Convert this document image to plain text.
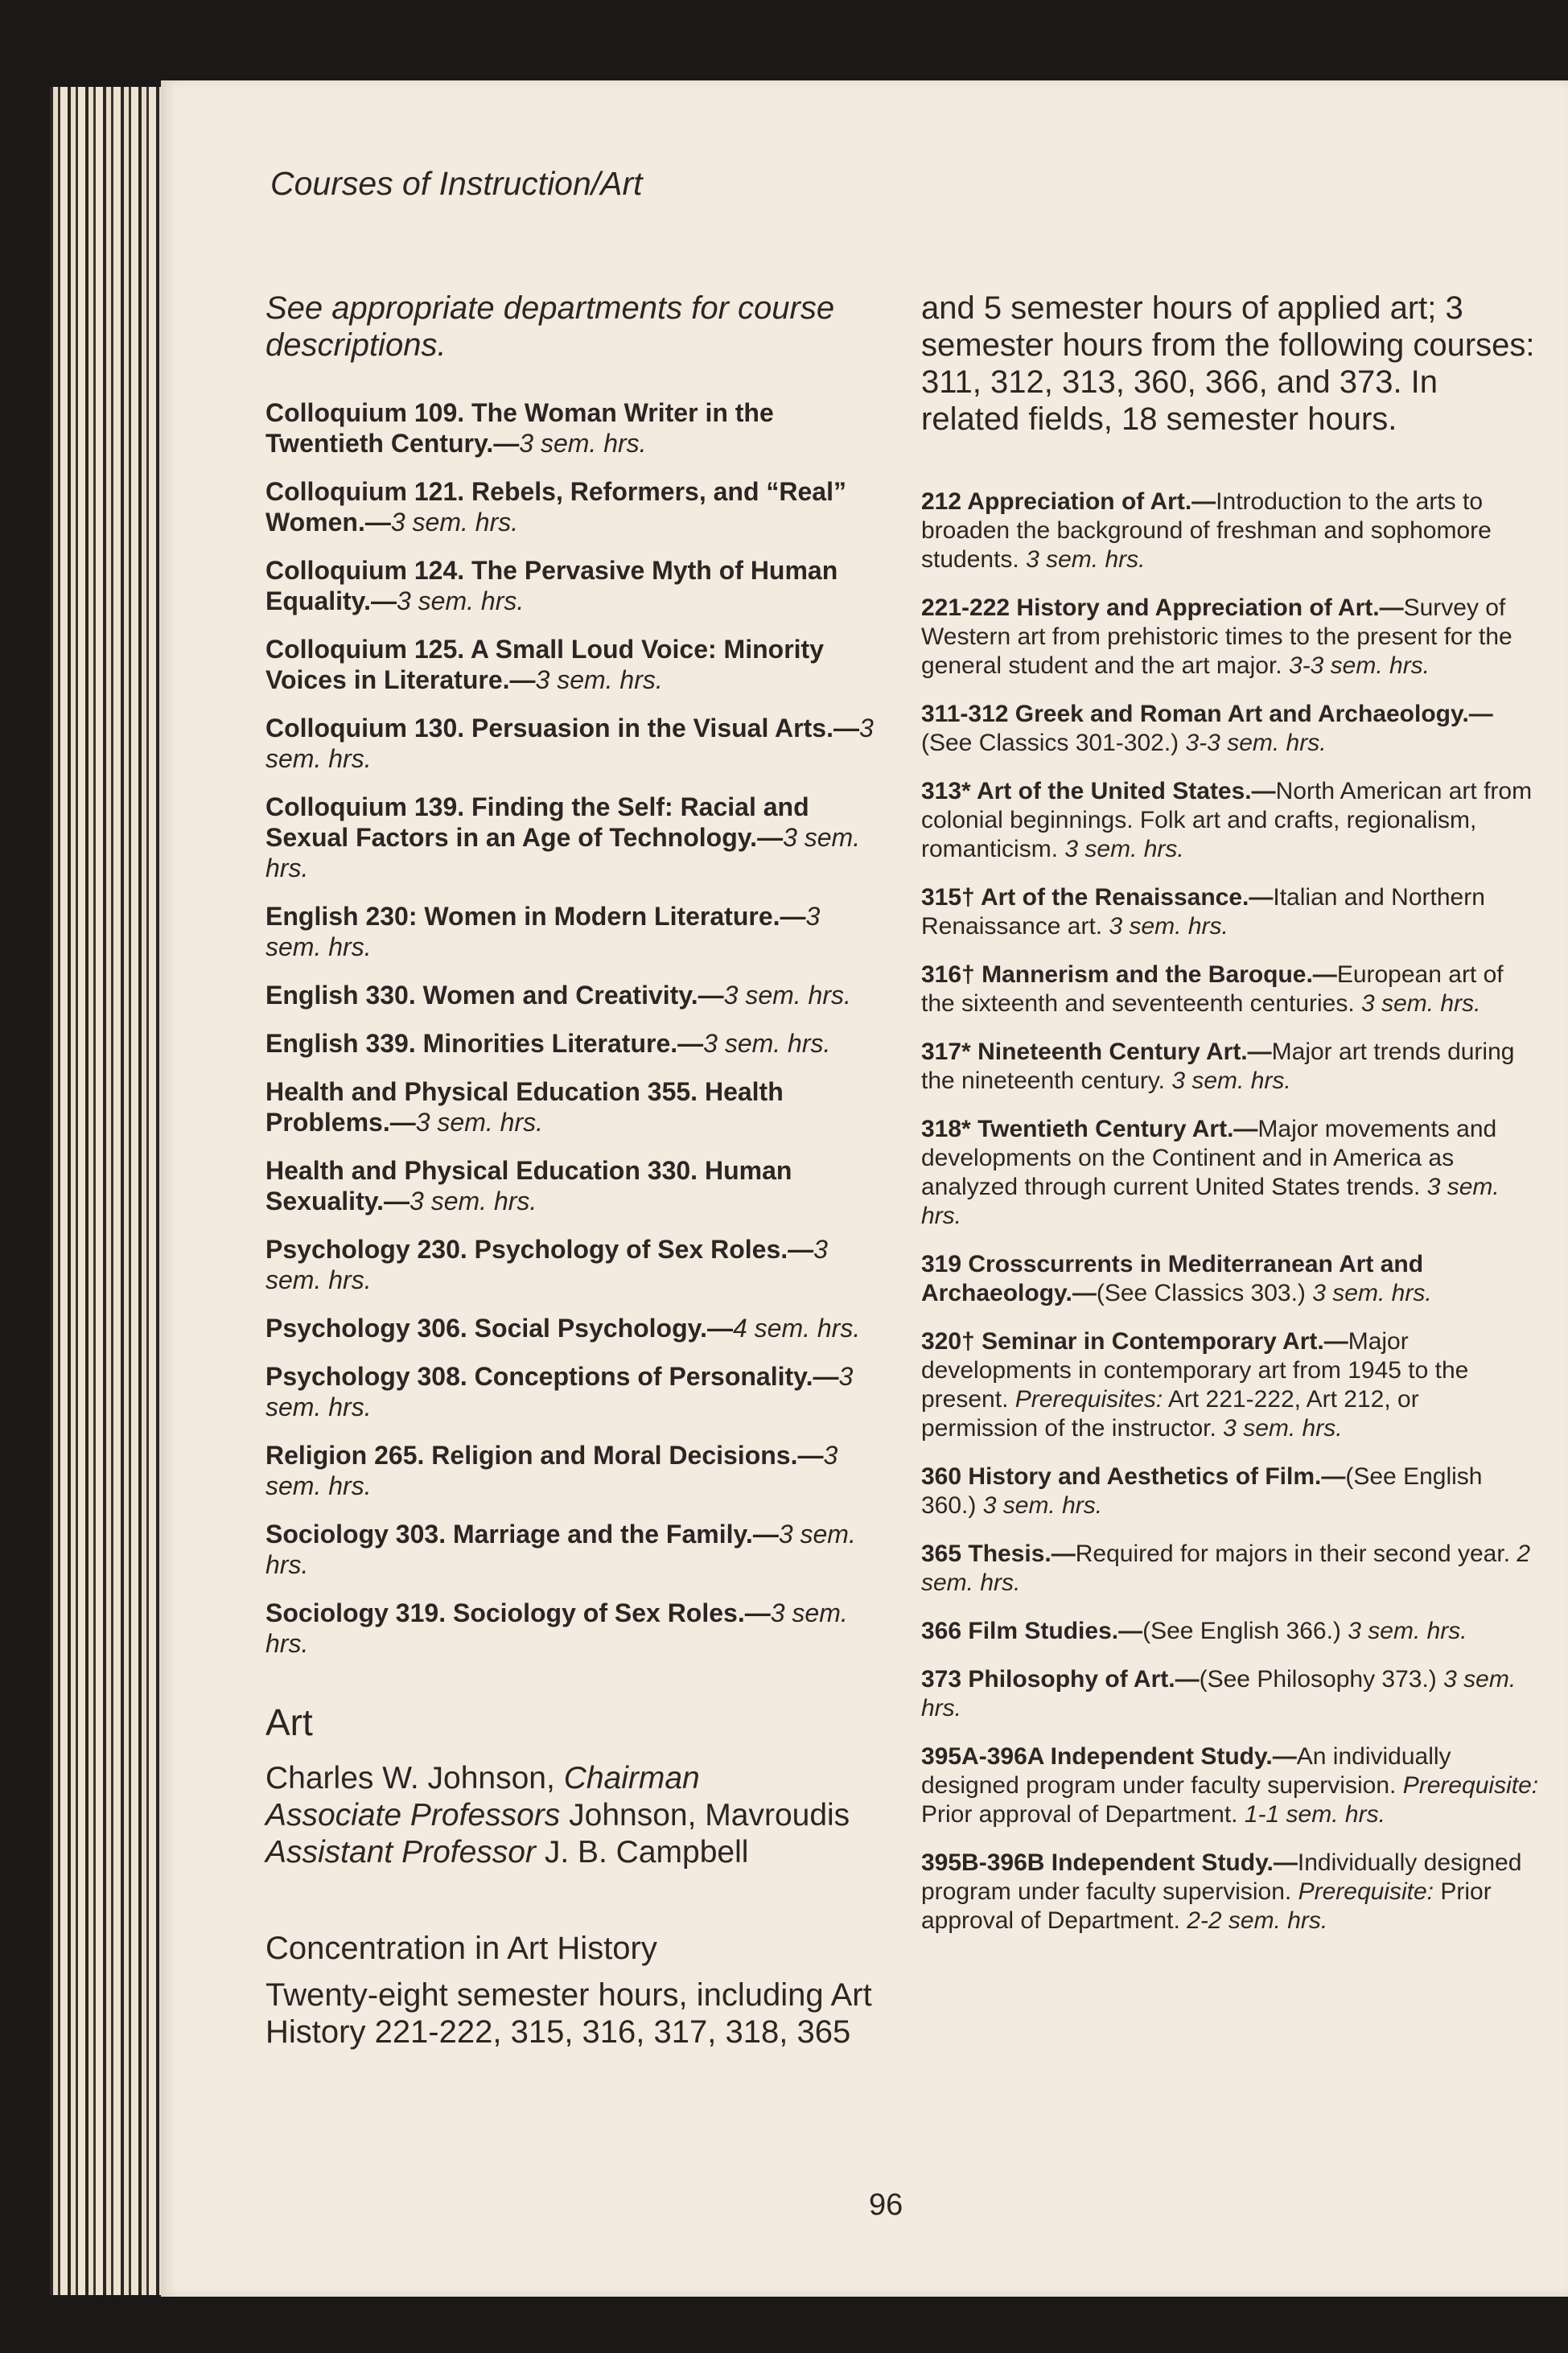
Courses of Instruction/Art

See appropriate departments for course descriptions.

Colloquium 109. The Woman Writer in the Twentieth Century.—3 sem. hrs.

Colloquium 121. Rebels, Reformers, and “Real” Women.—3 sem. hrs.

Colloquium 124. The Pervasive Myth of Human Equality.—3 sem. hrs.

Colloquium 125. A Small Loud Voice: Minority Voices in Literature.—3 sem. hrs.

Colloquium 130. Persuasion in the Visual Arts.—3 sem. hrs.

Colloquium 139. Finding the Self: Racial and Sexual Factors in an Age of Technology.—3 sem. hrs.

English 230: Women in Modern Literature.—3 sem. hrs.

English 330. Women and Creativity.—3 sem. hrs.

English 339. Minorities Literature.—3 sem. hrs.

Health and Physical Education 355. Health Problems.—3 sem. hrs.

Health and Physical Education 330. Human Sexuality.—3 sem. hrs.

Psychology 230. Psychology of Sex Roles.—3 sem. hrs.

Psychology 306. Social Psychology.—4 sem. hrs.

Psychology 308. Conceptions of Personality.—3 sem. hrs.

Religion 265. Religion and Moral Decisions.—3 sem. hrs.

Sociology 303. Marriage and the Family.—3 sem. hrs.

Sociology 319. Sociology of Sex Roles.—3 sem. hrs.

Art
Charles W. Johnson, Chairman
Associate Professors Johnson, Mavroudis
Assistant Professor J. B. Campbell
Concentration in Art History

Twenty-eight semester hours, including Art History 221-222, 315, 316, 317, 318, 365

and 5 semester hours of applied art; 3 semester hours from the following courses: 311, 312, 313, 360, 366, and 373. In related fields, 18 semester hours.

212 Appreciation of Art.—Introduction to the arts to broaden the background of freshman and sophomore students. 3 sem. hrs.

221-222 History and Appreciation of Art.—Survey of Western art from prehistoric times to the present for the general student and the art major. 3-3 sem. hrs.

311-312 Greek and Roman Art and Archaeology.—(See Classics 301-302.) 3-3 sem. hrs.

313* Art of the United States.—North American art from colonial beginnings. Folk art and crafts, regionalism, romanticism. 3 sem. hrs.

315† Art of the Renaissance.—Italian and Northern Renaissance art. 3 sem. hrs.

316† Mannerism and the Baroque.—European art of the sixteenth and seventeenth centuries. 3 sem. hrs.

317* Nineteenth Century Art.—Major art trends during the nineteenth century. 3 sem. hrs.

318* Twentieth Century Art.—Major movements and developments on the Continent and in America as analyzed through current United States trends. 3 sem. hrs.

319 Crosscurrents in Mediterranean Art and Archaeology.—(See Classics 303.) 3 sem. hrs.

320† Seminar in Contemporary Art.—Major developments in contemporary art from 1945 to the present. Prerequisites: Art 221-222, Art 212, or permission of the instructor. 3 sem. hrs.

360 History and Aesthetics of Film.—(See English 360.) 3 sem. hrs.

365 Thesis.—Required for majors in their second year. 2 sem. hrs.

366 Film Studies.—(See English 366.) 3 sem. hrs.

373 Philosophy of Art.—(See Philosophy 373.) 3 sem. hrs.

395A-396A Independent Study.—An individually designed program under faculty supervision. Prerequisite: Prior approval of Department. 1-1 sem. hrs.

395B-396B Independent Study.—Individually designed program under faculty supervision. Prerequisite: Prior approval of Department. 2-2 sem. hrs.

96
